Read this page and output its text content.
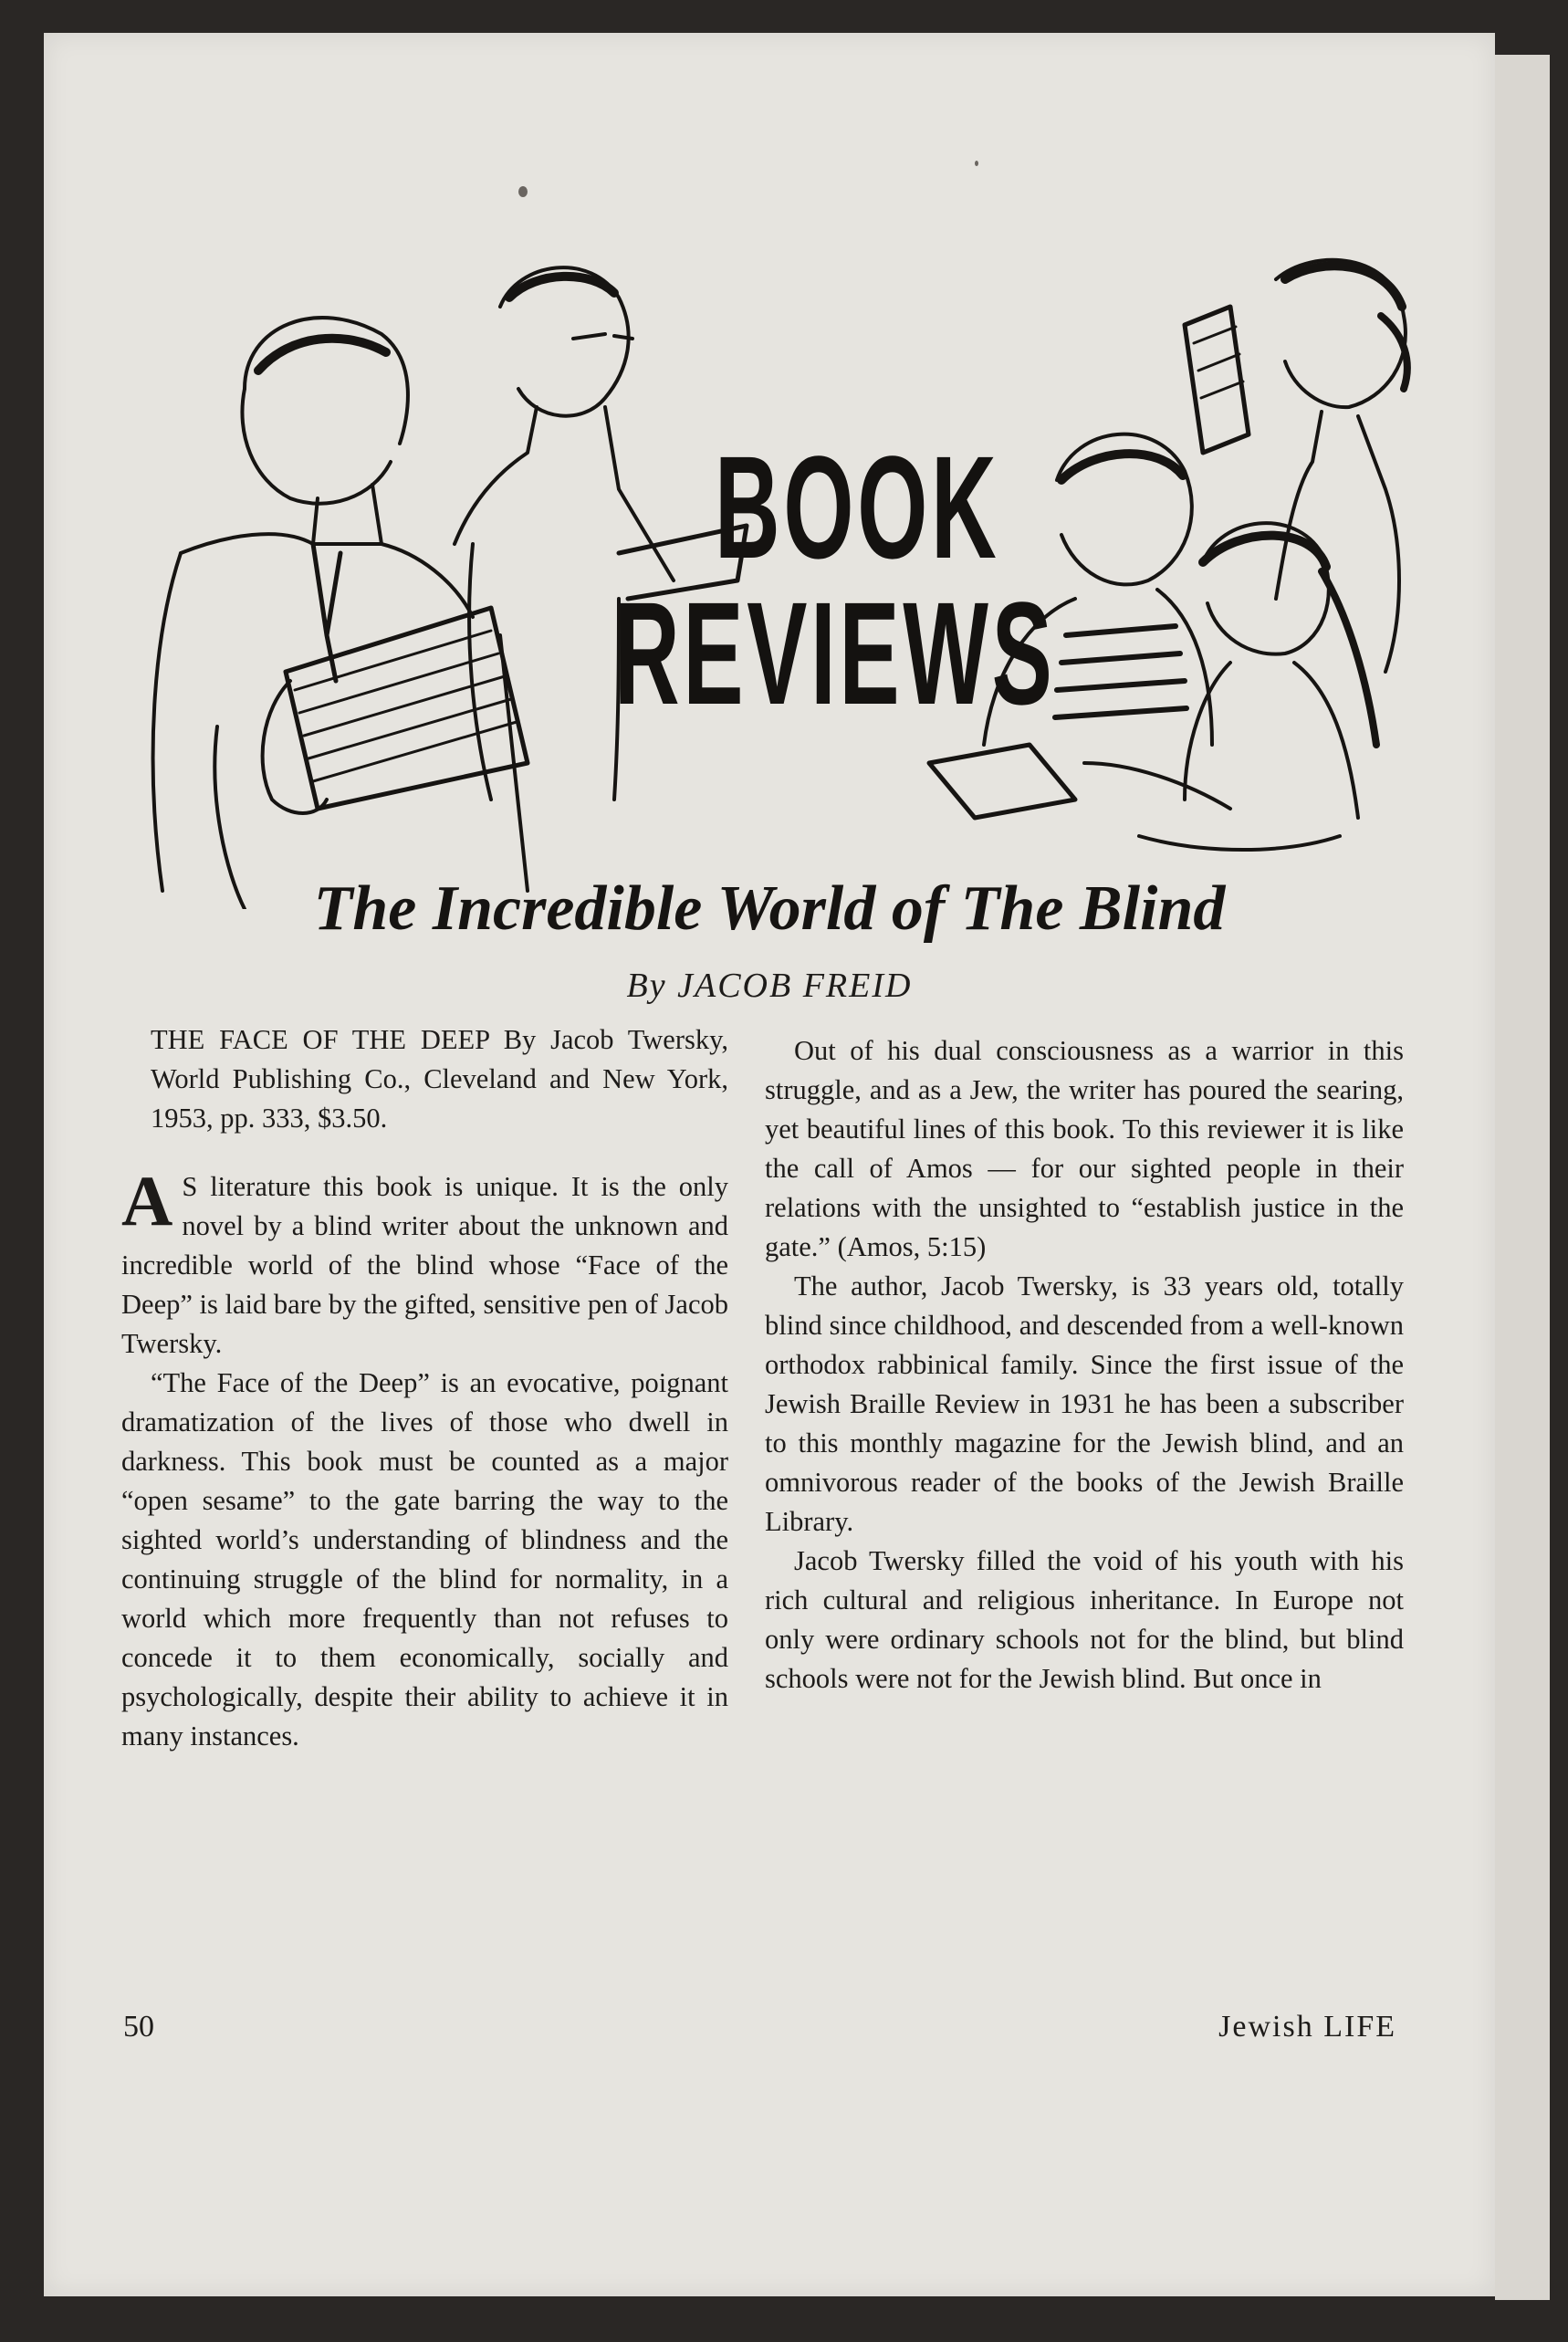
BOOK
REVIEWS
The Incredible World of The Blind
By JACOB FREID

THE FACE OF THE DEEP By Jacob Twersky, World Publishing Co., Cleveland and New York, 1953, pp. 333, $3.50.

A S literature this book is unique. It is the only novel by a blind writer about the unknown and incredible world of the blind whose “Face of the Deep” is laid bare by the gifted, sensitive pen of Jacob Twersky.

“The Face of the Deep” is an evocative, poignant dramatization of the lives of those who dwell in darkness. This book must be counted as a major “open sesame” to the gate barring the way to the sighted world’s understanding of blindness and the continuing struggle of the blind for normality, in a world which more frequently than not refuses to concede it to them economically, socially and psychologically, despite their ability to achieve it in many instances.

Out of his dual consciousness as a warrior in this struggle, and as a Jew, the writer has poured the searing, yet beautiful lines of this book. To this reviewer it is like the call of Amos — for our sighted people in their relations with the unsighted to “establish justice in the gate.” (Amos, 5:15)

The author, Jacob Twersky, is 33 years old, totally blind since childhood, and descended from a well-known orthodox rabbinical family. Since the first issue of the Jewish Braille Review in 1931 he has been a subscriber to this monthly magazine for the Jewish blind, and an omnivorous reader of the books of the Jewish Braille Library.

Jacob Twersky filled the void of his youth with his rich cultural and religious inheritance. In Europe not only were ordinary schools not for the blind, but blind schools were not for the Jewish blind. But once in

50	Jewish LIFE
